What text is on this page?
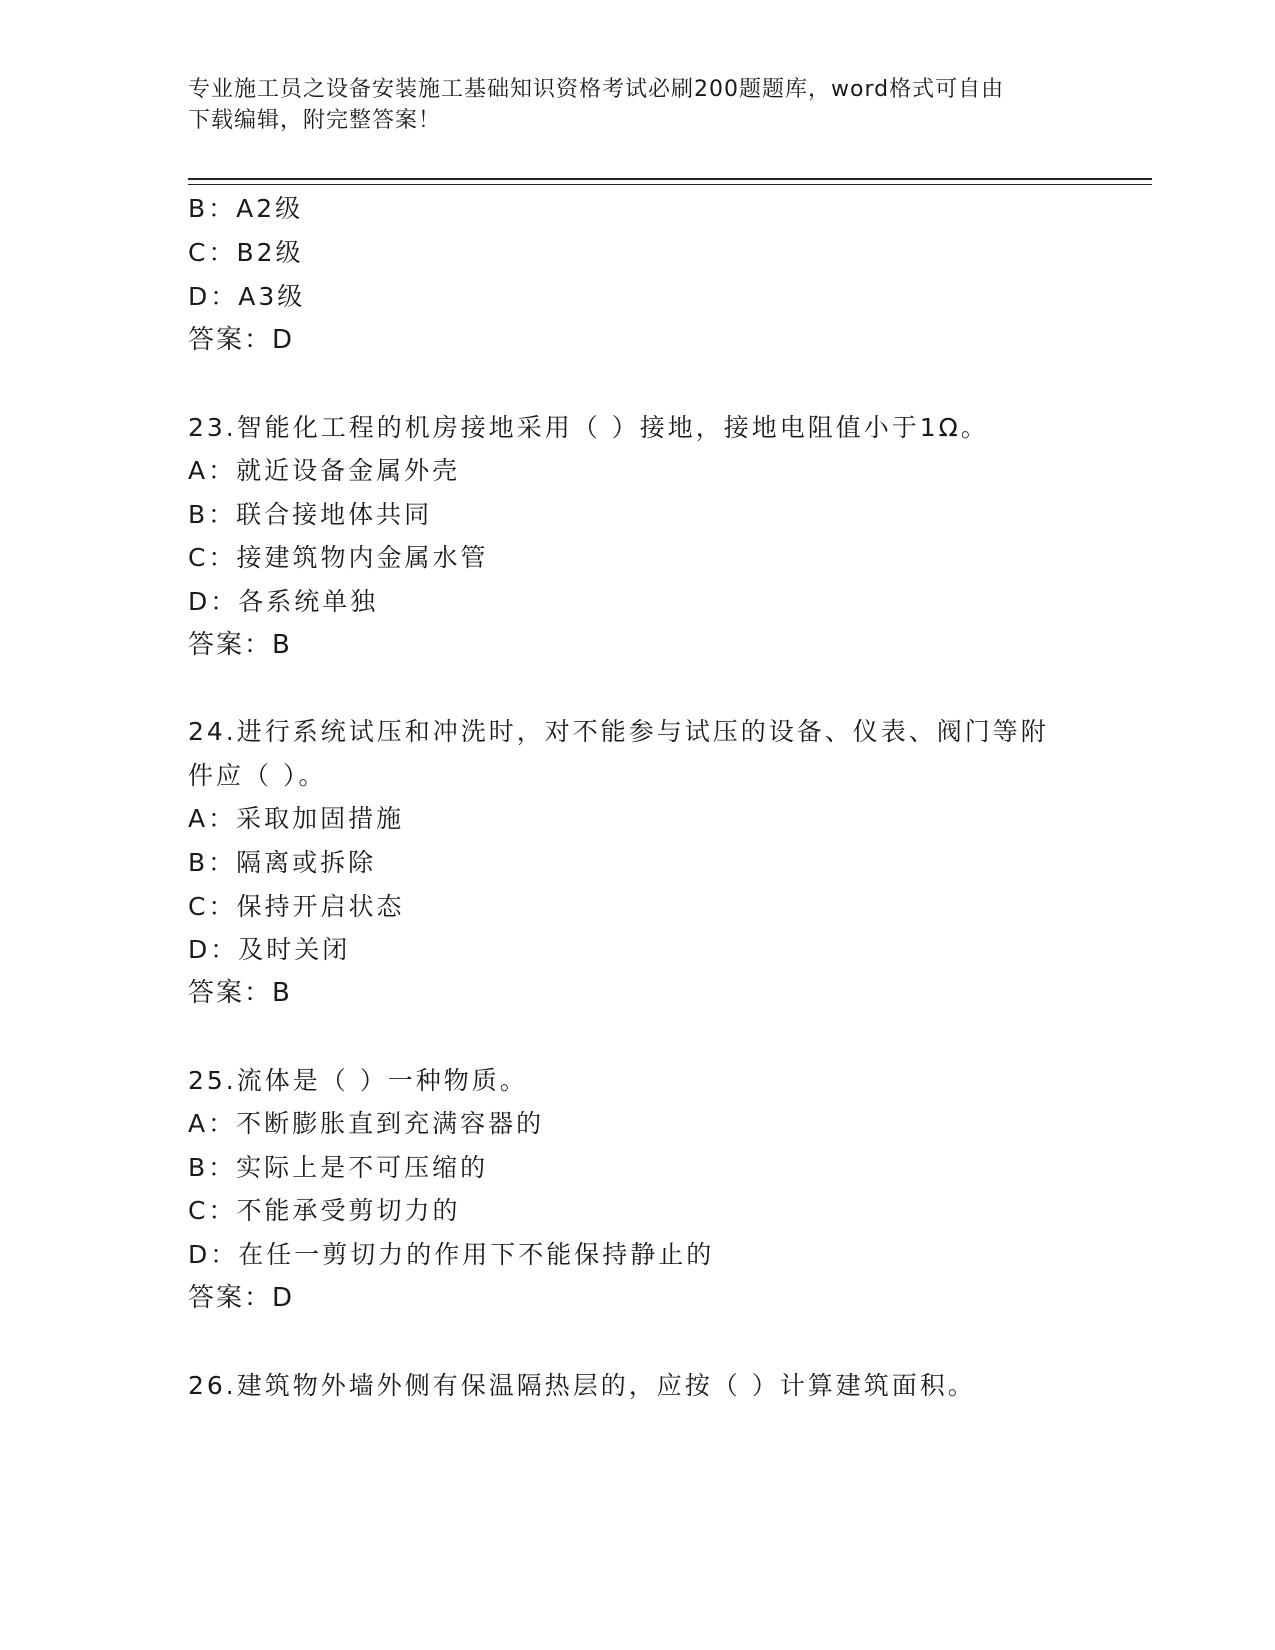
专业施工员之设备安装施工基础知识资格考试必刷200题题库，word格式可自由
下载编辑，附完整答案！
B：A2级
C：B2级
D：A3级
答案：D
23.智能化工程的机房接地采用（ ）接地，接地电阻值小于1Ω。
A：就近设备金属外壳
B：联合接地体共同
C：接建筑物内金属水管
D：各系统单独
答案：B
24.进行系统试压和冲洗时，对不能参与试压的设备、仪表、阀门等附
件应（ ）。
A：采取加固措施
B：隔离或拆除
C：保持开启状态
D：及时关闭
答案：B
25.流体是（ ）一种物质。
A：不断膨胀直到充满容器的
B：实际上是不可压缩的
C：不能承受剪切力的
D：在任一剪切力的作用下不能保持静止的
答案：D
26.建筑物外墙外侧有保温隔热层的，应按（ ）计算建筑面积。
